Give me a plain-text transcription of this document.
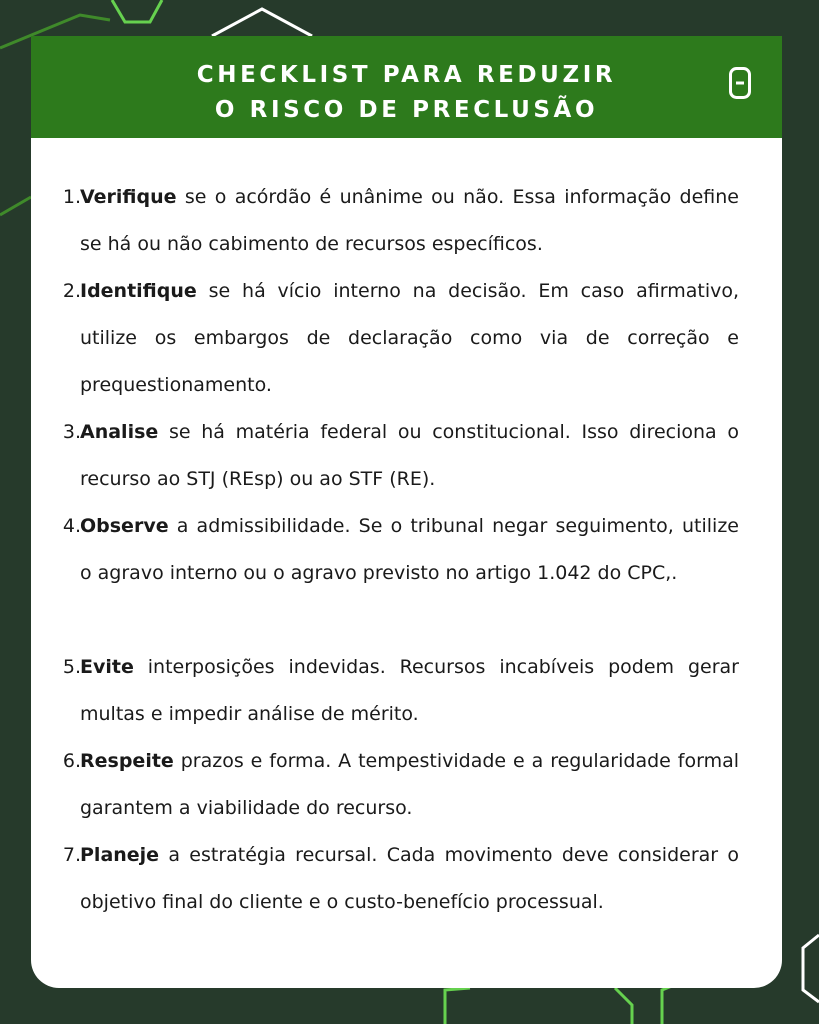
CHECKLIST PARA REDUZIR
O RISCO DE PRECLUSÃO
1. Verifique se o acórdão é unânime ou não. Essa informação define se há ou não cabimento de recursos específicos.
2. Identifique se há vício interno na decisão. Em caso afirmativo, utilize os embargos de declaração como via de correção e prequestionamento.
3. Analise se há matéria federal ou constitucional. Isso direciona o recurso ao STJ (REsp) ou ao STF (RE).
4. Observe a admissibilidade. Se o tribunal negar seguimento, utilize o agravo interno ou o agravo previsto no artigo 1.042 do CPC,.
5. Evite interposições indevidas. Recursos incabíveis podem gerar multas e impedir análise de mérito.
6. Respeite prazos e forma. A tempestividade e a regularidade formal garantem a viabilidade do recurso.
7. Planeje a estratégia recursal. Cada movimento deve considerar o objetivo final do cliente e o custo-benefício processual.
